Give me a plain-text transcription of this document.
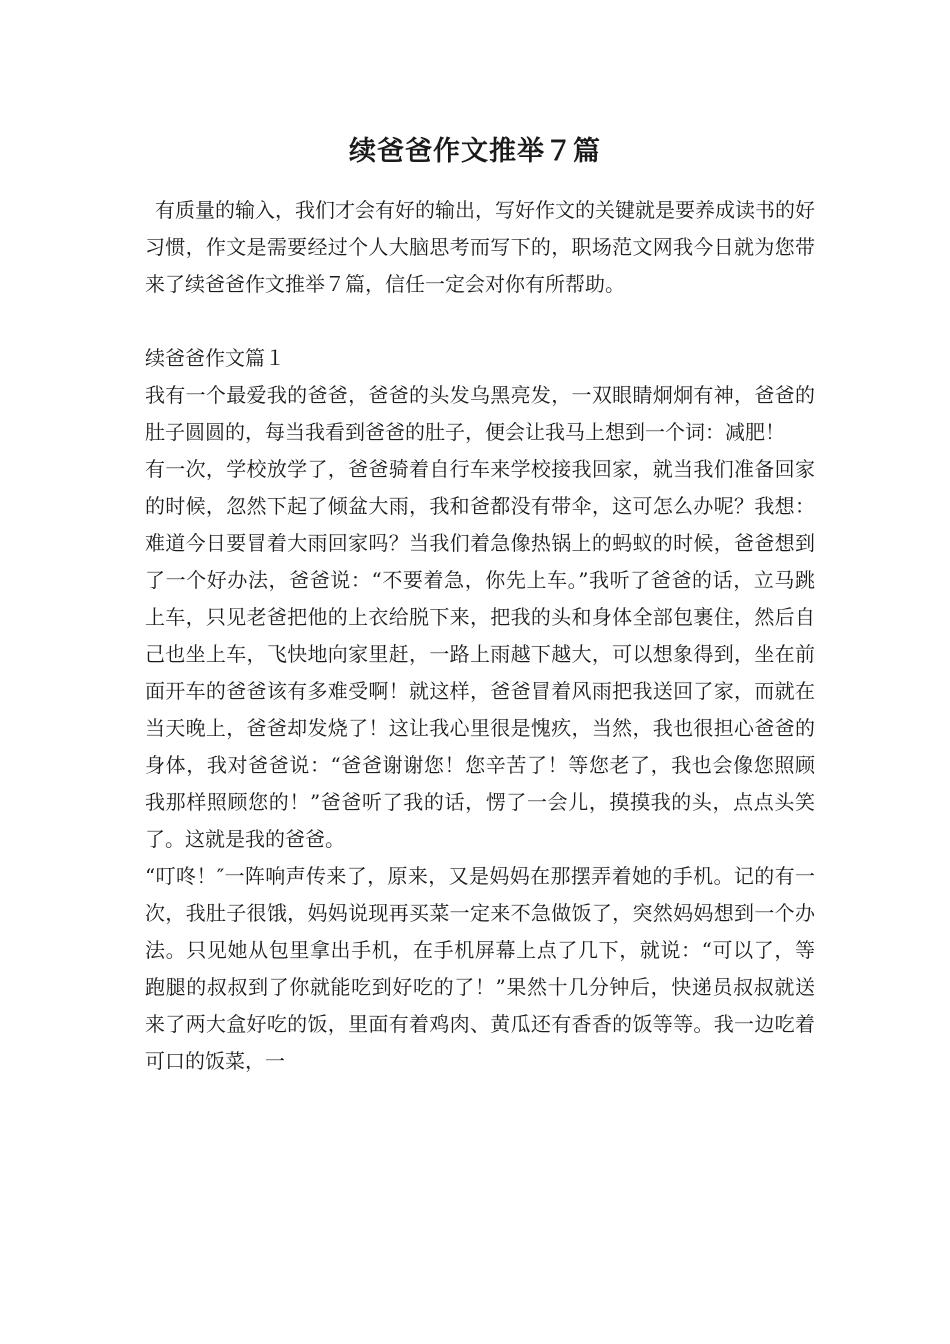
续爸爸作文推举７篇

有质量的输入，我们才会有好的输出，写好作文的关键就是要养成读书的好习惯，作文是需要经过个人大脑思考而写下的，职场范文网我今日就为您带来了续爸爸作文推举７篇，信任一定会对你有所帮助。

续爸爸作文篇１

我有一个最爱我的爸爸，爸爸的头发乌黑亮发，一双眼睛炯炯有神，爸爸的肚子圆圆的，每当我看到爸爸的肚子，便会让我马上想到一个词：减肥！

有一次，学校放学了，爸爸骑着自行车来学校接我回家，就当我们准备回家的时候，忽然下起了倾盆大雨，我和爸都没有带伞，这可怎么办呢？我想：难道今日要冒着大雨回家吗？当我们着急像热锅上的蚂蚁的时候，爸爸想到了一个好办法，爸爸说：“不要着急，你先上车。”我听了爸爸的话，立马跳上车，只见老爸把他的上衣给脱下来，把我的头和身体全部包裹住，然后自己也坐上车，飞快地向家里赶，一路上雨越下越大，可以想象得到，坐在前面开车的爸爸该有多难受啊！就这样，爸爸冒着风雨把我送回了家，而就在当天晚上，爸爸却发烧了！这让我心里很是愧疚，当然，我也很担心爸爸的身体，我对爸爸说：“爸爸谢谢您！您辛苦了！等您老了，我也会像您照顾我那样照顾您的！”爸爸听了我的话，愣了一会儿，摸摸我的头，点点头笑了。这就是我的爸爸。

“叮咚！″一阵响声传来了，原来，又是妈妈在那摆弄着她的手机。记的有一次，我肚子很饿，妈妈说现再买菜一定来不急做饭了，突然妈妈想到一个办法。只见她从包里拿出手机，在手机屏幕上点了几下，就说：“可以了，等跑腿的叔叔到了你就能吃到好吃的了！”果然十几分钟后，快递员叔叔就送来了两大盒好吃的饭，里面有着鸡肉、黄瓜还有香香的饭等等。我一边吃着可口的饭菜，一
